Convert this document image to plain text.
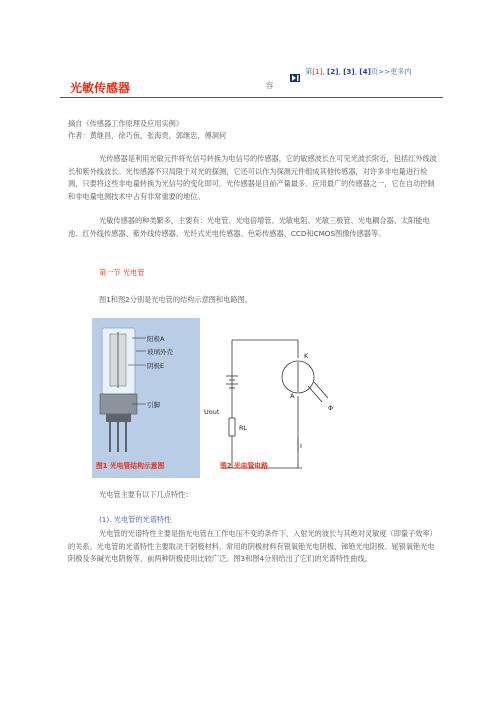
第[1], [2], [3], [4]页>>更多内
容
光敏传感器
摘自《传感器工作原理及应用实例》
作者：黄继昌，徐巧鱼，张海贵，郭继忠，傅洞何
光传感器是利用光敏元件将光信号转换为电信号的传感器，它的敏感波长在可见光波长附近，包括红外线波长和紫外线波长。光传感器不只局限于对光的探测，它还可以作为探测元件组成其他传感器，对许多非电量进行检测，只要将这些非电量转换为光信号的变化即可。光传感器是目前产量最多、应用最广的传感器之一，它在自动控制和非电量电测技术中占有非常重要的地位。
光敏传感器的种类繁多，主要有：光电管、光电倍增管、光敏电阻、光敏三极管、光电耦合器、太阳能电池、红外线传感器、紫外线传感器、光纤式光电传感器、色彩传感器、CCD和CMOS图像传感器等。
第一节 光电管
图1和图2分别是光电管的结构示意图和电路图。
阳极A
玻璃外壳
阴极E
引脚
图1 光电管结构示意图
K
A
Φ
Uout
RL
I
图2 光电管电路
光电管主要有以下几点特性：
(1). 光电管的光谱特性
光电管的光谱特性主要是指光电管在工作电压不变的条件下，入射光的波长与其绝对灵敏度（即量子效率）的关系。光电管的光谱特性主要取决于阴极材料，常用的阴极材料有银氧铯光电阴极、锑铯光电阴极、铋银氧铯光电阴极及多碱光电阴极等，前两种阴极使用比较广泛。图3和图4分别给出了它们的光谱特性曲线。
